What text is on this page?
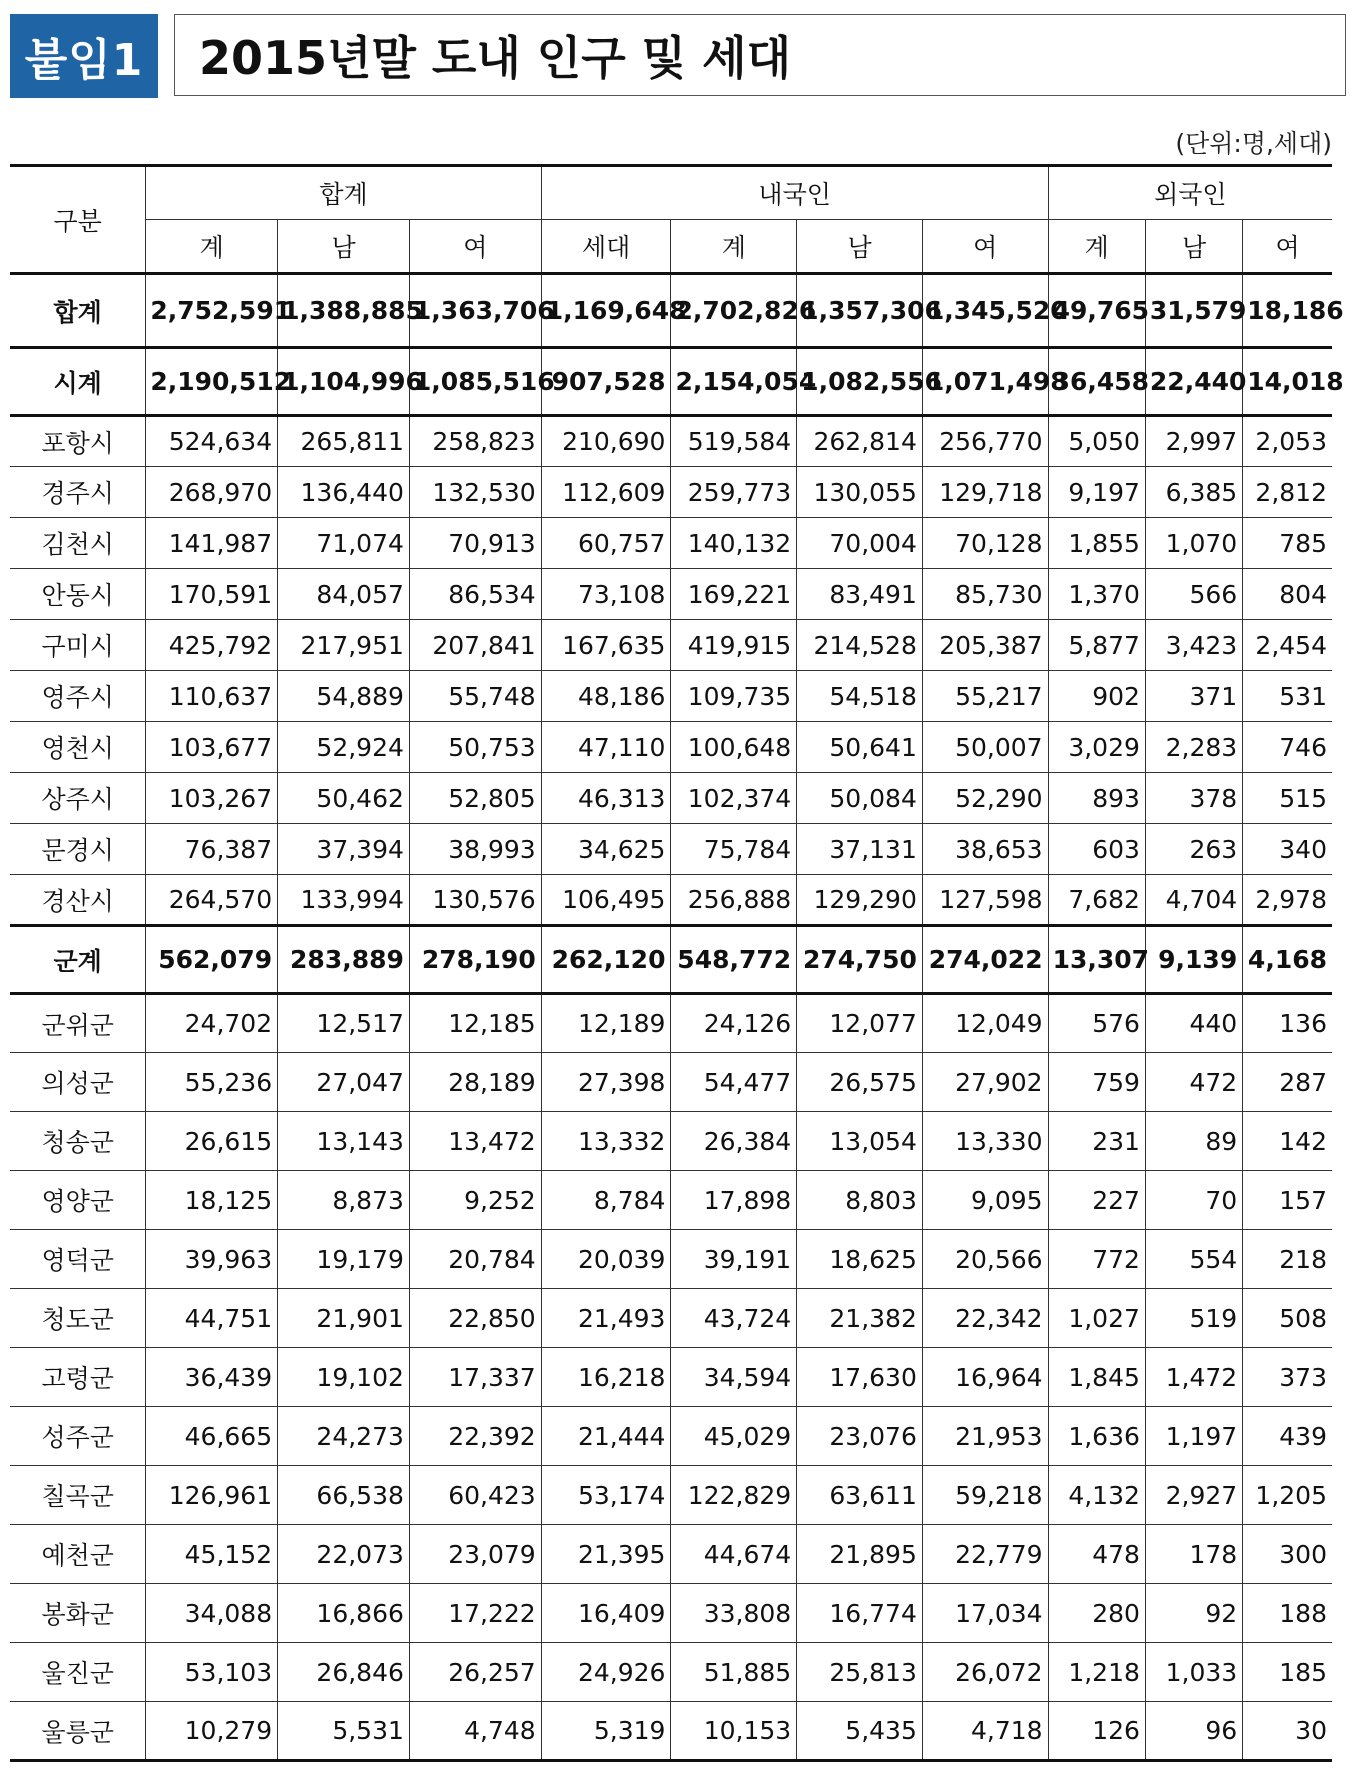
붙임1	2015년말 도내 인구 및 세대
(단위:명,세대)
구분	합계			내국인				외국인		
	계	남	여	세대	계	남	여	계	남	여
합계	2,752,591	1,388,885	1,363,706	1,169,648	2,702,826	1,357,306	1,345,520	49,765	31,579	18,186
시계	2,190,512	1,104,996	1,085,516	907,528	2,154,054	1,082,556	1,071,498	36,458	22,440	14,018
포항시	524,634	265,811	258,823	210,690	519,584	262,814	256,770	5,050	2,997	2,053
경주시	268,970	136,440	132,530	112,609	259,773	130,055	129,718	9,197	6,385	2,812
김천시	141,987	71,074	70,913	60,757	140,132	70,004	70,128	1,855	1,070	785
안동시	170,591	84,057	86,534	73,108	169,221	83,491	85,730	1,370	566	804
구미시	425,792	217,951	207,841	167,635	419,915	214,528	205,387	5,877	3,423	2,454
영주시	110,637	54,889	55,748	48,186	109,735	54,518	55,217	902	371	531
영천시	103,677	52,924	50,753	47,110	100,648	50,641	50,007	3,029	2,283	746
상주시	103,267	50,462	52,805	46,313	102,374	50,084	52,290	893	378	515
문경시	76,387	37,394	38,993	34,625	75,784	37,131	38,653	603	263	340
경산시	264,570	133,994	130,576	106,495	256,888	129,290	127,598	7,682	4,704	2,978
군계	562,079	283,889	278,190	262,120	548,772	274,750	274,022	13,307	9,139	4,168
군위군	24,702	12,517	12,185	12,189	24,126	12,077	12,049	576	440	136
의성군	55,236	27,047	28,189	27,398	54,477	26,575	27,902	759	472	287
청송군	26,615	13,143	13,472	13,332	26,384	13,054	13,330	231	89	142
영양군	18,125	8,873	9,252	8,784	17,898	8,803	9,095	227	70	157
영덕군	39,963	19,179	20,784	20,039	39,191	18,625	20,566	772	554	218
청도군	44,751	21,901	22,850	21,493	43,724	21,382	22,342	1,027	519	508
고령군	36,439	19,102	17,337	16,218	34,594	17,630	16,964	1,845	1,472	373
성주군	46,665	24,273	22,392	21,444	45,029	23,076	21,953	1,636	1,197	439
칠곡군	126,961	66,538	60,423	53,174	122,829	63,611	59,218	4,132	2,927	1,205
예천군	45,152	22,073	23,079	21,395	44,674	21,895	22,779	478	178	300
봉화군	34,088	16,866	17,222	16,409	33,808	16,774	17,034	280	92	188
울진군	53,103	26,846	26,257	24,926	51,885	25,813	26,072	1,218	1,033	185
울릉군	10,279	5,531	4,748	5,319	10,153	5,435	4,718	126	96	30
